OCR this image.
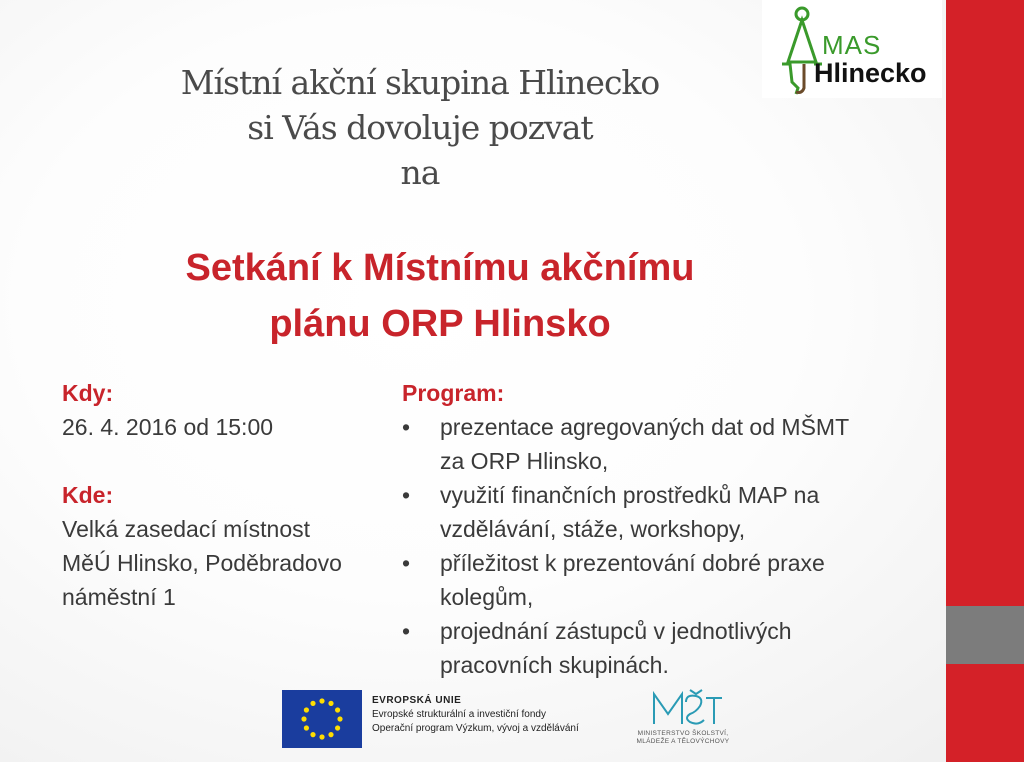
MAS
Hlinecko
Místní akční skupina Hlinecko
si Vás dovoluje pozvat
na
Setkání k Místnímu akčnímu
plánu ORP Hlinsko
Kdy:
26. 4. 2016 od 15:00
Kde:
Velká zasedací místnost
MěÚ Hlinsko, Poděbradovo
náměstní 1
Program:
•	prezentace agregovaných dat od MŠMT
za ORP Hlinsko,
•	využití finančních prostředků MAP na
vzdělávání, stáže, workshopy,
•	příležitost k prezentování dobré praxe
kolegům,
•	projednání zástupců v jednotlivých
pracovních skupinách.
EVROPSKÁ UNIE
Evropské strukturální a investiční fondy
Operační program Výzkum, vývoj a vzdělávání	MINISTERSTVO ŠKOLSTVÍ,
MLÁDEŽE A TĚLOVÝCHOVY
